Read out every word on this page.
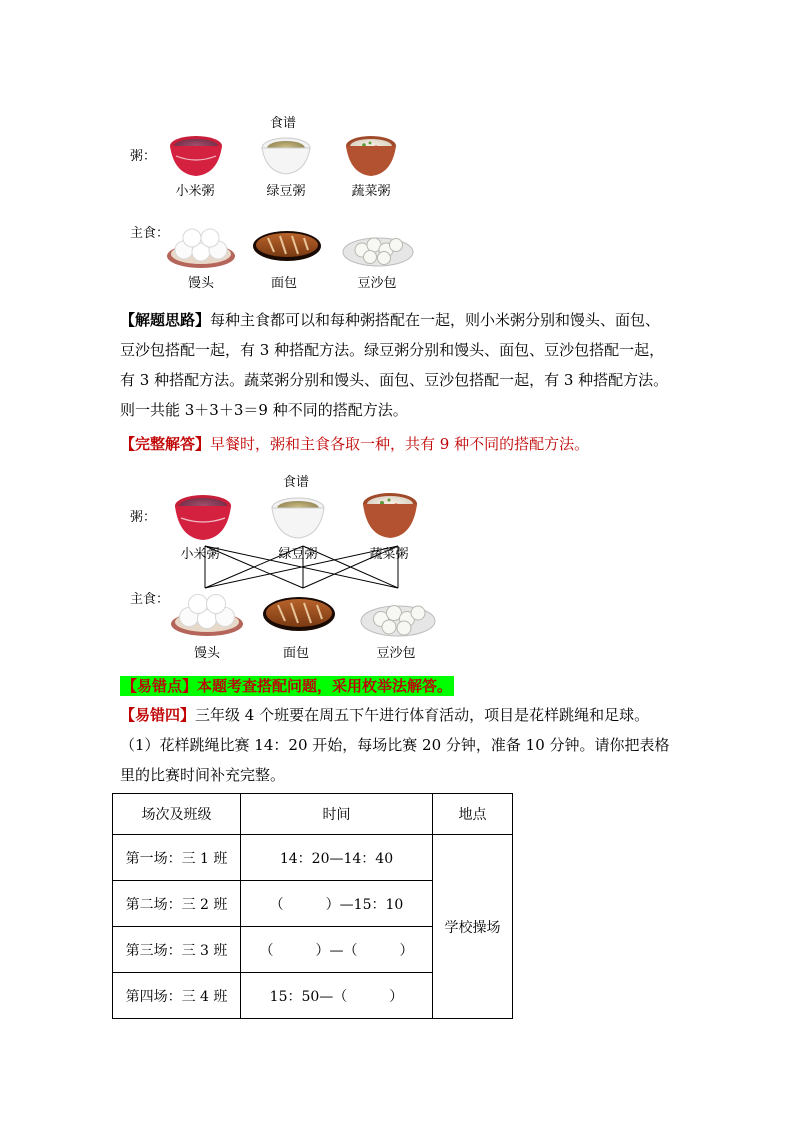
食谱
粥：
小米粥	绿豆粥	蔬菜粥
主食：
馒头	面包	豆沙包
【解题思路】每种主食都可以和每种粥搭配在一起，则小米粥分别和馒头、面包、
豆沙包搭配一起，有 3 种搭配方法。绿豆粥分别和馒头、面包、豆沙包搭配一起，
有 3 种搭配方法。蔬菜粥分别和馒头、面包、豆沙包搭配一起，有 3 种搭配方法。
则一共能 3＋3＋3＝9 种不同的搭配方法。
【完整解答】早餐时，粥和主食各取一种，共有 9 种不同的搭配方法。
食谱
粥：
小米粥	绿豆粥	蔬菜粥
主食：
馒头	面包	豆沙包
【易错点】本题考查搭配问题，采用枚举法解答。
【易错四】三年级 4 个班要在周五下午进行体育活动，项目是花样跳绳和足球。
（1）花样跳绳比赛 14：20 开始，每场比赛 20 分钟，准备 10 分钟。请你把表格
里的比赛时间补充完整。
场次及班级	时间	地点
第一场：三 1 班	14：20—14：40	学校操场
第二场：三 2 班	（　　　）—15：10	
第三场：三 3 班	（　　　）—（　　　）	
第四场：三 4 班	15：50—（　　　）	
